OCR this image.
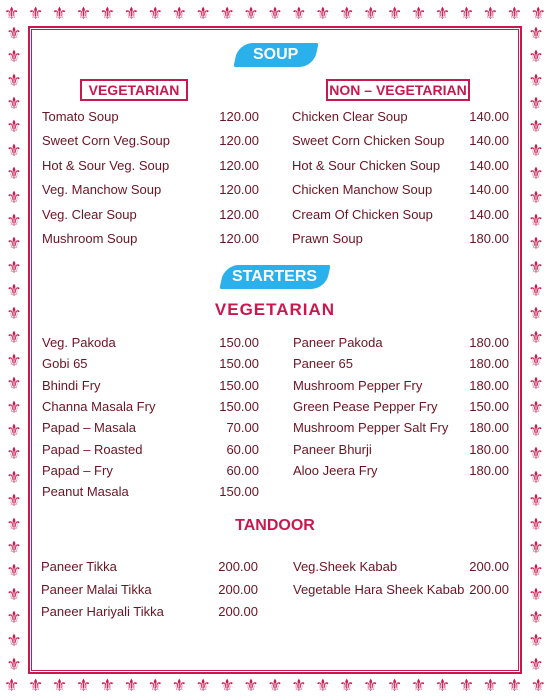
⚜ ⚜ ⚜ ⚜ ⚜ ⚜ ⚜ ⚜ ⚜ ⚜ ⚜ ⚜ ⚜ ⚜ ⚜ ⚜ ⚜ ⚜ ⚜ ⚜ ⚜ ⚜ ⚜
⚜ ⚜ ⚜ ⚜ ⚜ ⚜ ⚜ ⚜ ⚜ ⚜ ⚜ ⚜ ⚜ ⚜ ⚜ ⚜ ⚜ ⚜ ⚜ ⚜ ⚜ ⚜ ⚜
⚜
⚜
⚜
⚜
⚜
⚜
⚜
⚜
⚜
⚜
⚜
⚜
⚜
⚜
⚜
⚜
⚜
⚜
⚜
⚜
⚜
⚜
⚜
⚜
⚜
⚜
⚜
⚜
⚜
⚜
⚜
⚜
⚜
⚜
⚜
⚜
⚜
⚜
⚜
⚜
⚜
⚜
⚜
⚜
⚜
⚜
⚜
⚜
⚜
⚜
⚜
⚜
⚜
⚜
⚜
⚜
SOUP
VEGETARIAN	NON – VEGETARIAN
Tomato Soup	120.00
Sweet Corn Veg.Soup	120.00
Hot & Sour Veg. Soup	120.00
Veg. Manchow Soup	120.00
Veg. Clear Soup	120.00
Mushroom Soup	120.00
Chicken Clear Soup	140.00
Sweet Corn Chicken Soup 140.00
Hot & Sour Chicken Soup 140.00
Chicken Manchow Soup	140.00
Cream Of Chicken Soup	140.00
Prawn Soup	180.00
STARTERS
VEGETARIAN
Veg. Pakoda	150.00
Gobi 65	150.00
Bhindi Fry	150.00
Channa Masala Fry	150.00
Papad – Masala	70.00
Papad – Roasted	60.00
Papad – Fry	60.00
Peanut Masala	150.00
Paneer Pakoda	180.00
Paneer 65	180.00
Mushroom Pepper Fry	180.00
Green Pease Pepper Fry 150.00
Mushroom Pepper Salt Fry 180.00
Paneer Bhurji	180.00
Aloo Jeera Fry	180.00
TANDOOR
Paneer Tikka	200.00
Paneer Malai Tikka	200.00
Paneer Hariyali Tikka	200.00
Veg.Sheek Kabab	200.00
Vegetable Hara Sheek Kabab 200.00
